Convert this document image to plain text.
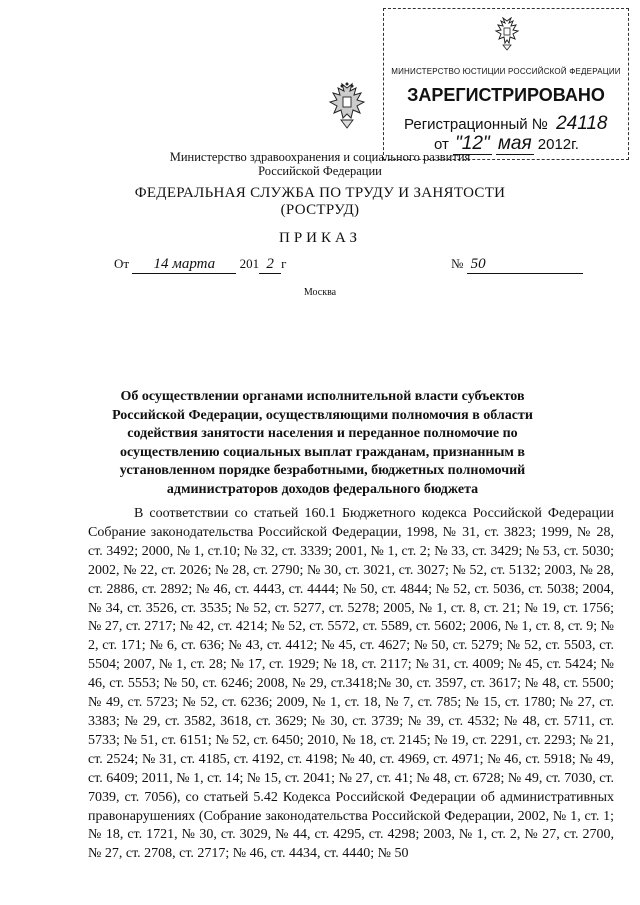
МИНИСТЕРСТВО ЮСТИЦИИ РОССИЙСКОЙ ФЕДЕРАЦИИ
ЗАРЕГИСТРИРОВАНО
Регистрационный № 24118
от "12" мая 2012г.
Министерство здравоохранения и социального развития
Российской Федерации
ФЕДЕРАЛЬНАЯ СЛУЖБА ПО ТРУДУ И ЗАНЯТОСТИ
(РОСТРУД)
ПРИКАЗ
От 14 марта 201 2 г	№ 50
Москва
Об осуществлении органами исполнительной власти субъектов
Российской Федерации, осуществляющими полномочия в области
содействия занятости населения и переданное полномочие по
осуществлению социальных выплат гражданам, признанным в
установленном порядке безработными, бюджетных полномочий
администраторов доходов федерального бюджета

В соответствии со статьей 160.1 Бюджетного кодекса Российской Федерации Собрание законодательства Российской Федерации, 1998, № 31, ст. 3823; 1999, № 28, ст. 3492; 2000, № 1, ст.10; № 32, ст. 3339; 2001, № 1, ст. 2; № 33, ст. 3429; № 53, ст. 5030; 2002, № 22, ст. 2026; № 28, ст. 2790; № 30, ст. 3021, ст. 3027; № 52, ст. 5132; 2003, № 28, ст. 2886, ст. 2892; № 46, ст. 4443, ст. 4444; № 50, ст. 4844; № 52, ст. 5036, ст. 5038; 2004, № 34, ст. 3526, ст. 3535; № 52, ст. 5277, ст. 5278; 2005, № 1, ст. 8, ст. 21; № 19, ст. 1756; № 27, ст. 2717; № 42, ст. 4214; № 52, ст. 5572, ст. 5589, ст. 5602; 2006, № 1, ст. 8, ст. 9; № 2, ст. 171; № 6, ст. 636; № 43, ст. 4412; № 45, ст. 4627; № 50, ст. 5279; № 52, ст. 5503, ст. 5504; 2007, № 1, ст. 28; № 17, ст. 1929; № 18, ст. 2117; № 31, ст. 4009; № 45, ст. 5424; № 46, ст. 5553; № 50, ст. 6246; 2008, № 29, ст.3418;№ 30, ст. 3597, ст. 3617; № 48, ст. 5500; № 49, ст. 5723; № 52, ст. 6236; 2009, № 1, ст. 18, № 7, ст. 785; № 15, ст. 1780; № 27, ст. 3383; № 29, ст. 3582, 3618, ст. 3629; № 30, ст. 3739; № 39, ст. 4532; № 48, ст. 5711, ст. 5733; № 51, ст. 6151; № 52, ст. 6450; 2010, № 18, ст. 2145; № 19, ст. 2291, ст. 2293; № 21, ст. 2524; № 31, ст. 4185, ст. 4192, ст. 4198; № 40, ст. 4969, ст. 4971; № 46, ст. 5918; № 49, ст. 6409; 2011, № 1, ст. 14; № 15, ст. 2041; № 27, ст. 41; № 48, ст. 6728; № 49, ст. 7030, ст. 7039, ст. 7056), со статьей 5.42 Кодекса Российской Федерации об административных правонарушениях (Собрание законодательства Российской Федерации, 2002, № 1, ст. 1; № 18, ст. 1721, № 30, ст. 3029, № 44, ст. 4295, ст. 4298; 2003, № 1, ст. 2, № 27, ст. 2700, № 27, ст. 2708, ст. 2717; № 46, ст. 4434, ст. 4440; № 50
